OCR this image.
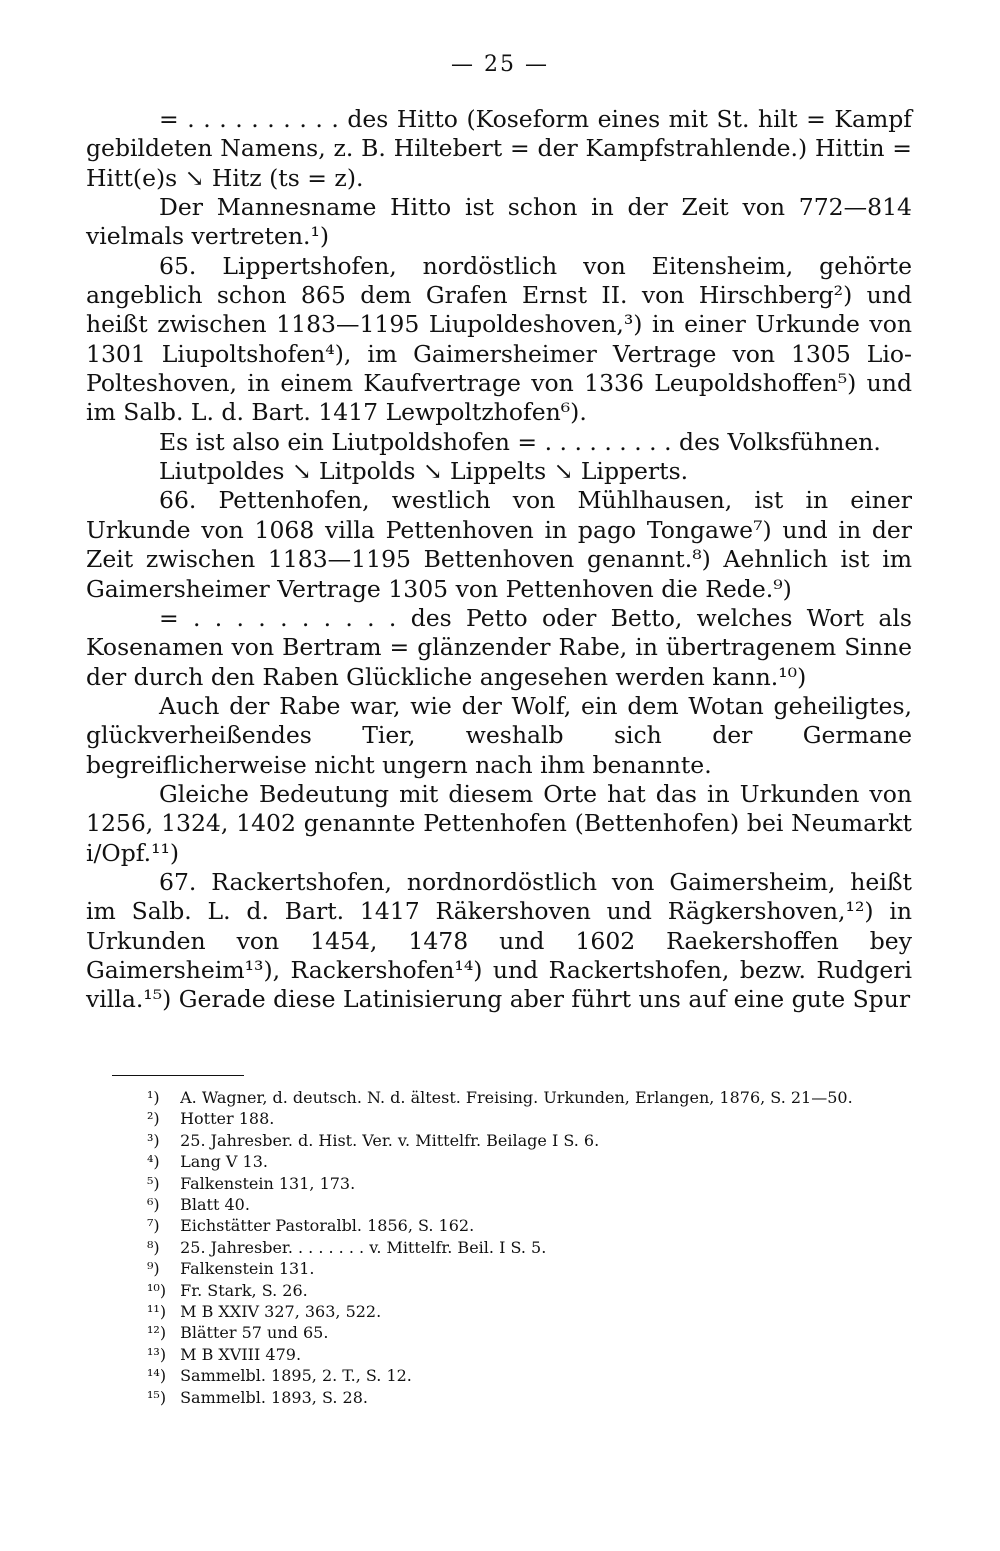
— 25 —

= . . . . . . . . . . des Hitto (Koseform eines mit St. hilt = Kampf gebildeten Namens, z. B. Hiltebert = der Kampfstrahlende.) Hittin = Hitt(e)s ↘ Hitz (ts = z).

Der Mannesname Hitto ist schon in der Zeit von 772—814 vielmals vertreten.¹)

65. Lippertshofen, nordöstlich von Eitensheim, gehörte angeblich schon 865 dem Grafen Ernst II. von Hirschberg²) und heißt zwischen 1183—1195 Liupoldeshoven,³) in einer Urkunde von 1301 Liupoltshofen⁴), im Gaimersheimer Vertrage von 1305 Lio-Polteshoven, in einem Kaufvertrage von 1336 Leupoldshoffen⁵) und im Salb. L. d. Bart. 1417 Lewpoltzhofen⁶).

Es ist also ein Liutpoldshofen = . . . . . . . . . des Volksfühnen.

Liutpoldes ↘ Litpolds ↘ Lippelts ↘ Lipperts.

66. Pettenhofen, westlich von Mühlhausen, ist in einer Urkunde von 1068 villa Pettenhoven in pago Tongawe⁷) und in der Zeit zwischen 1183—1195 Bettenhoven genannt.⁸) Aehnlich ist im Gaimersheimer Vertrage 1305 von Pettenhoven die Rede.⁹)

= . . . . . . . . . . des Petto oder Betto, welches Wort als Kosenamen von Bertram = glänzender Rabe, in übertragenem Sinne der durch den Raben Glückliche angesehen werden kann.¹⁰)

Auch der Rabe war, wie der Wolf, ein dem Wotan geheiligtes, glückverheißendes Tier, weshalb sich der Germane begreiflicherweise nicht ungern nach ihm benannte.

Gleiche Bedeutung mit diesem Orte hat das in Urkunden von 1256, 1324, 1402 genannte Pettenhofen (Bettenhofen) bei Neumarkt i/Opf.¹¹)

67. Rackertshofen, nordnordöstlich von Gaimersheim, heißt im Salb. L. d. Bart. 1417 Räkershoven und Rägkershoven,¹²) in Urkunden von 1454, 1478 und 1602 Raekershoffen bey Gaimersheim¹³), Rackershofen¹⁴) und Rackertshofen, bezw. Rudgeri villa.¹⁵) Gerade diese Latinisierung aber führt uns auf eine gute Spur

¹) A. Wagner, d. deutsch. N. d. ältest. Freising. Urkunden, Erlangen, 1876, S. 21—50.

²) Hotter 188.

³) 25. Jahresber. d. Hist. Ver. v. Mittelfr. Beilage I S. 6.

⁴) Lang V 13.

⁵) Falkenstein 131, 173.

⁶) Blatt 40.

⁷) Eichstätter Pastoralbl. 1856, S. 162.

⁸) 25. Jahresber. . . . . . . . v. Mittelfr. Beil. I S. 5.

⁹) Falkenstein 131.

¹⁰) Fr. Stark, S. 26.

¹¹) M B XXIV 327, 363, 522.

¹²) Blätter 57 und 65.

¹³) M B XVIII 479.

¹⁴) Sammelbl. 1895, 2. T., S. 12.

¹⁵) Sammelbl. 1893, S. 28.
